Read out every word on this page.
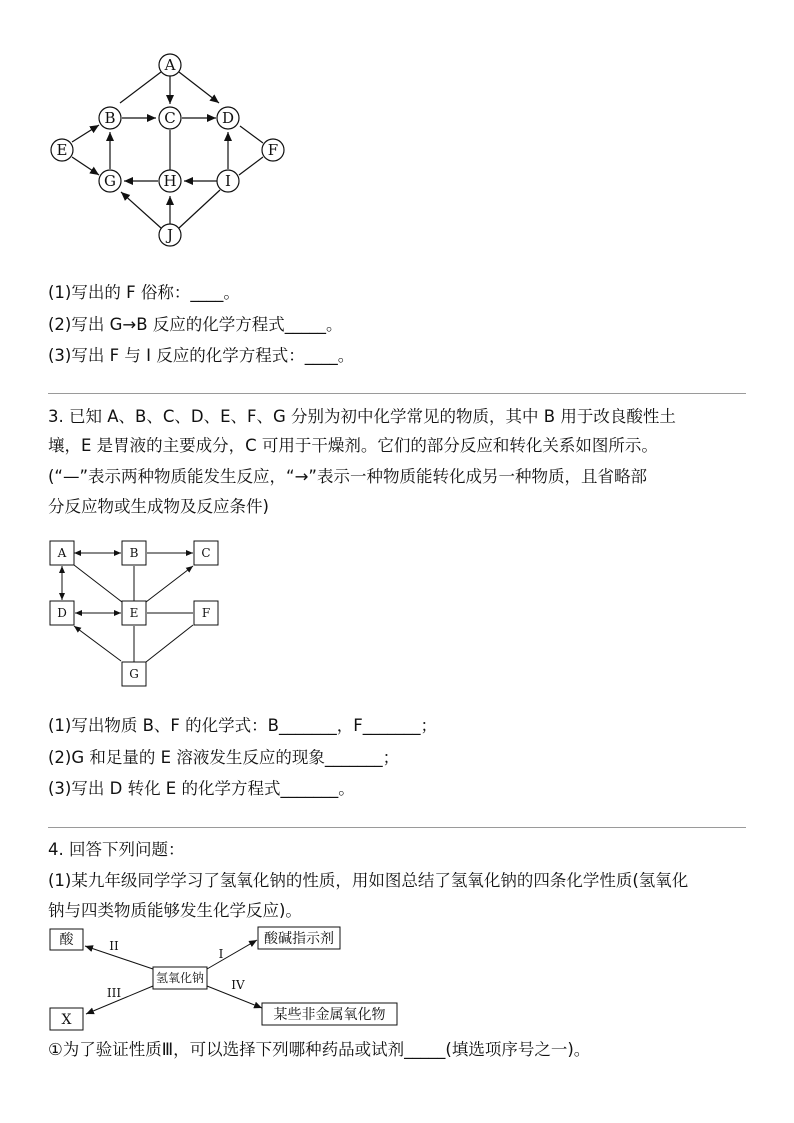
A
B	C	D
E	F
G	H	I
J
(1)写出的 F 俗称：____。
(2)写出 G→B 反应的化学方程式_____。
(3)写出 F 与 I 反应的化学方程式：____。
3. 已知 A、B、C、D、E、F、G 分别为初中化学常见的物质，其中 B 用于改良酸性土
壤，E 是胃液的主要成分，C 可用于干燥剂。它们的部分反应和转化关系如图所示。
(“—”表示两种物质能发生反应，“→”表示一种物质能转化成另一种物质，且省略部
分反应物或生成物及反应条件)
A	B	C
D	E	F
G
(1)写出物质 B、F 的化学式：B_______，F_______；
(2)G 和足量的 E 溶液发生反应的现象_______；
(3)写出 D 转化 E 的化学方程式_______。
4. 回答下列问题：
(1)某九年级同学学习了氢氧化钠的性质，用如图总结了氢氧化钠的四条化学性质(氢氧化
钠与四类物质能够发生化学反应)。
酸	酸碱指示剂
氢氧化钠
X	某些非金属氧化物
II
I
III
IV
①为了验证性质Ⅲ，可以选择下列哪种药品或试剂_____(填选项序号之一)。
